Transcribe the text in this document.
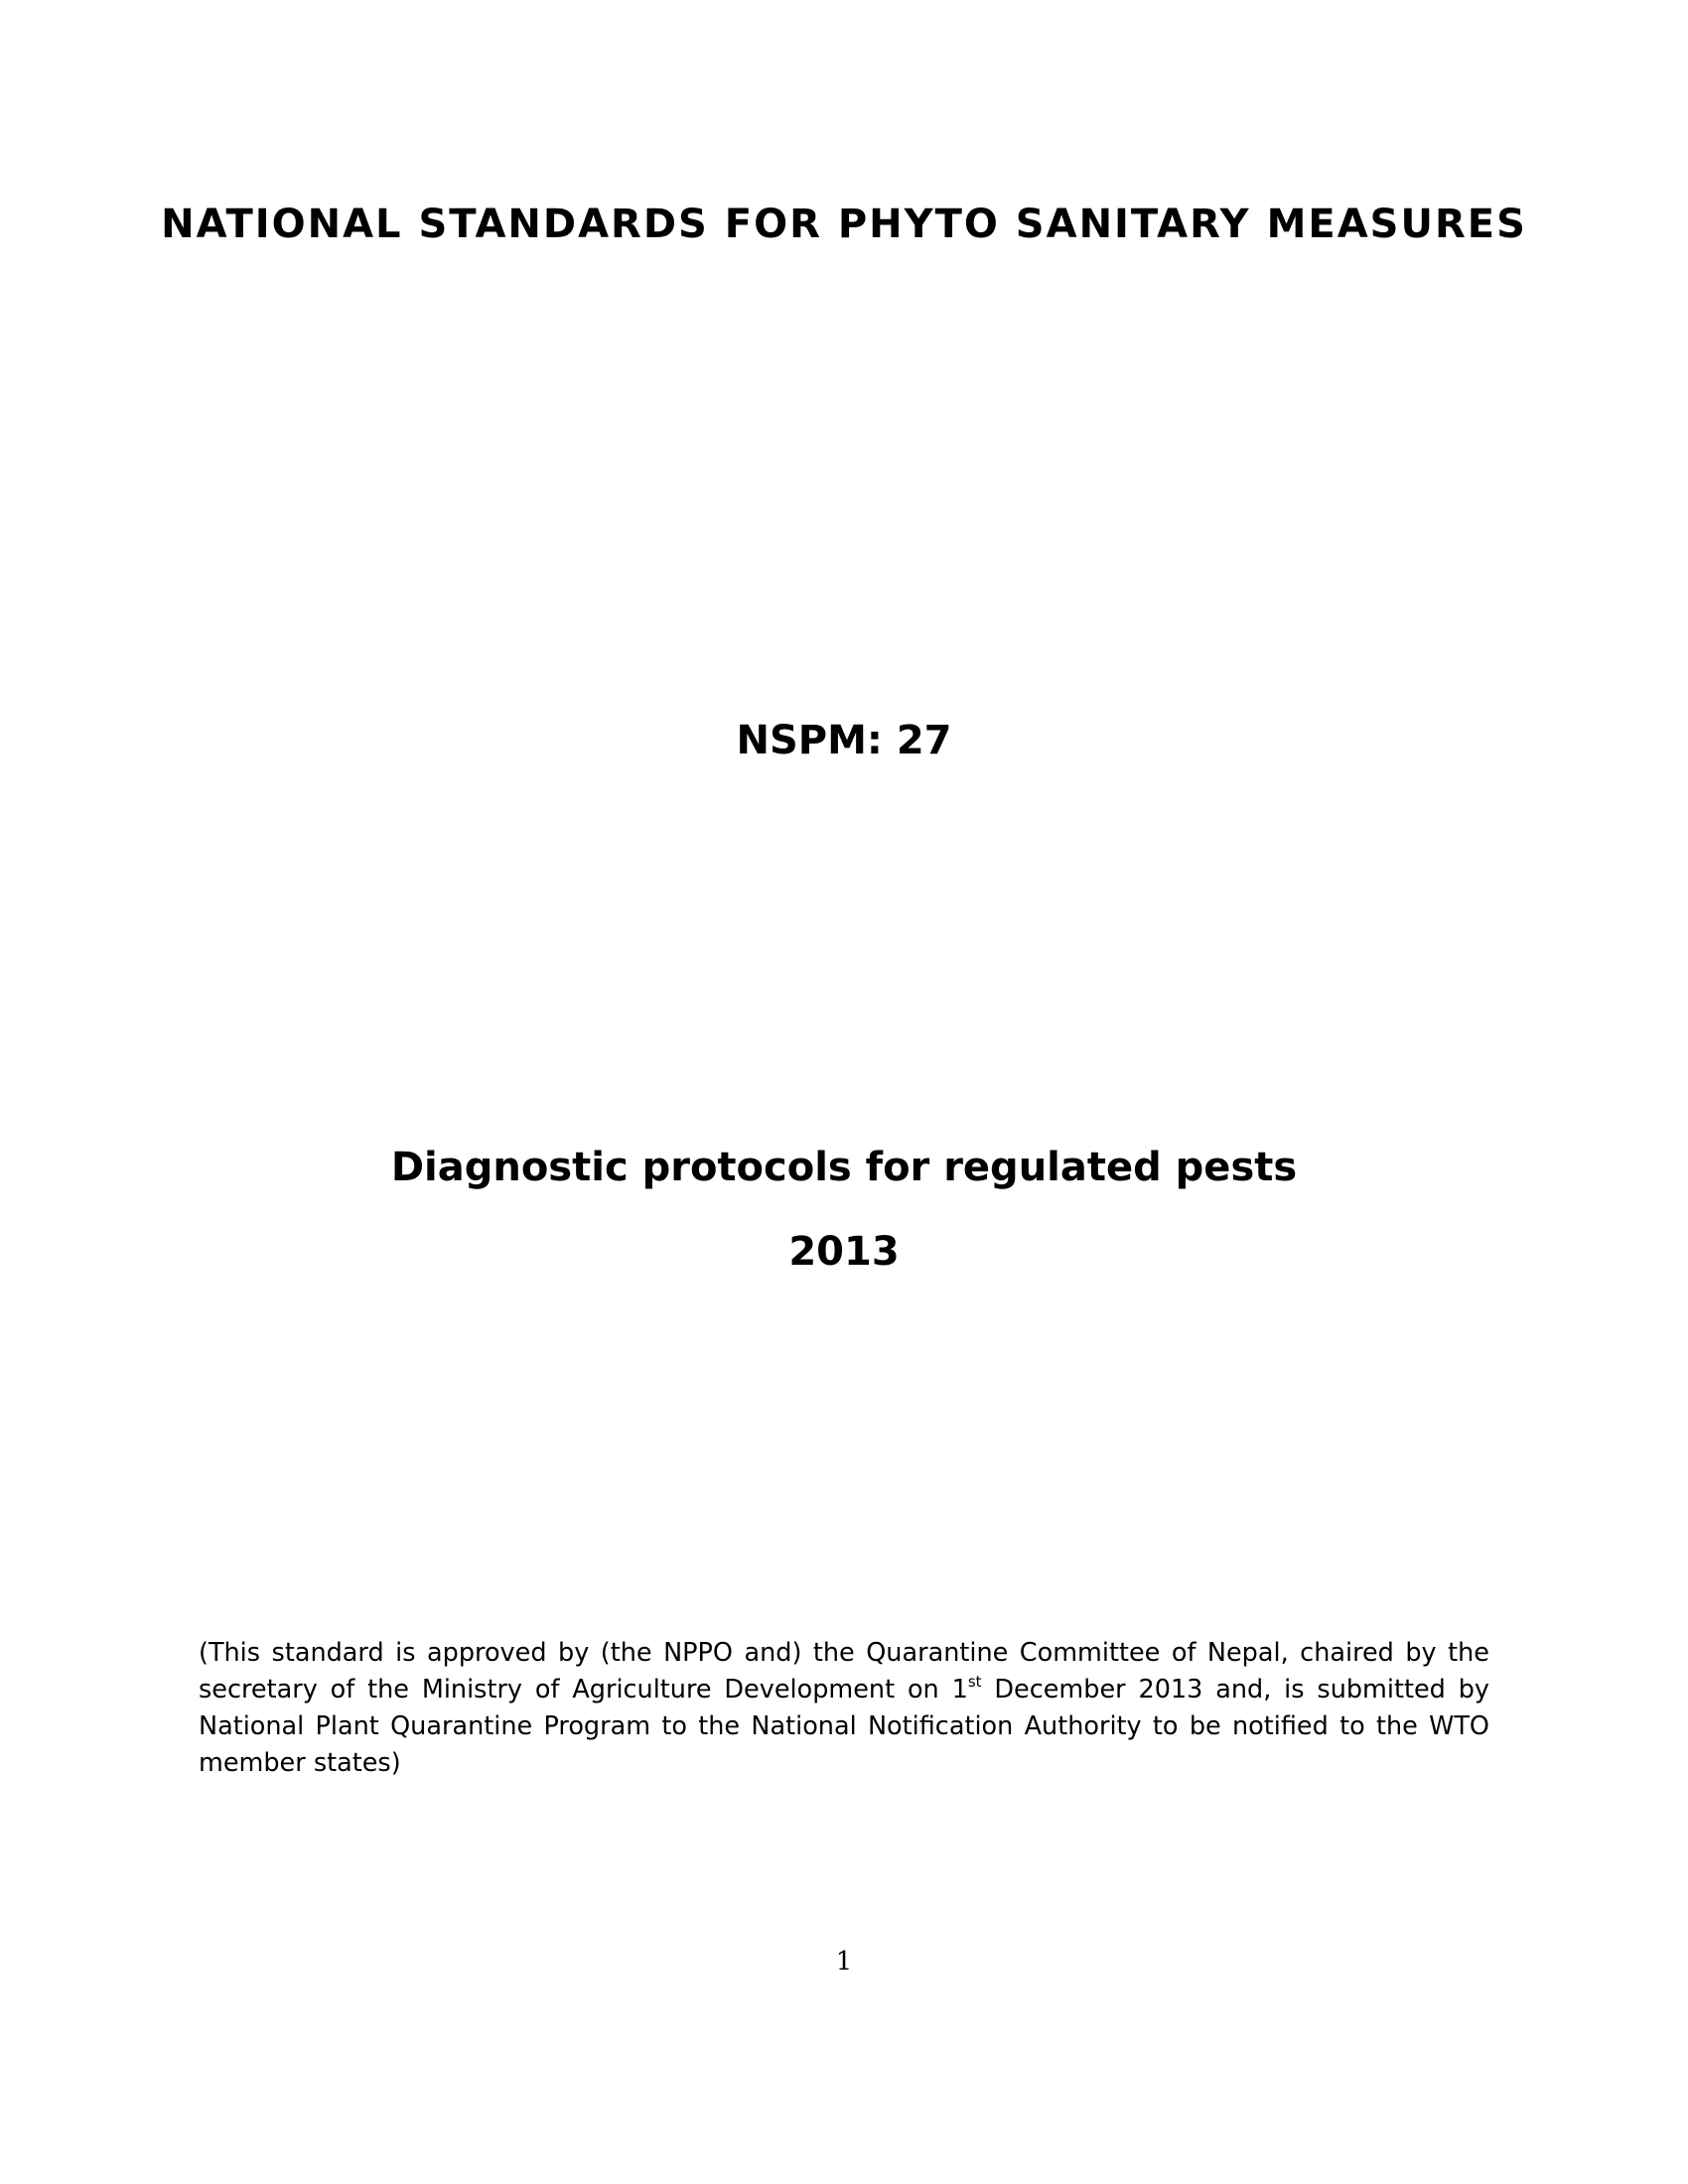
NATIONAL STANDARDS FOR PHYTO SANITARY MEASURES
NSPM: 27
Diagnostic protocols for regulated pests
2013
(This standard is approved by (the NPPO and) the Quarantine Committee of Nepal, chaired by the secretary of the Ministry of Agriculture Development on 1st December 2013 and, is submitted by National Plant Quarantine Program to the National Notification Authority to be notified to the WTO member states)
1
